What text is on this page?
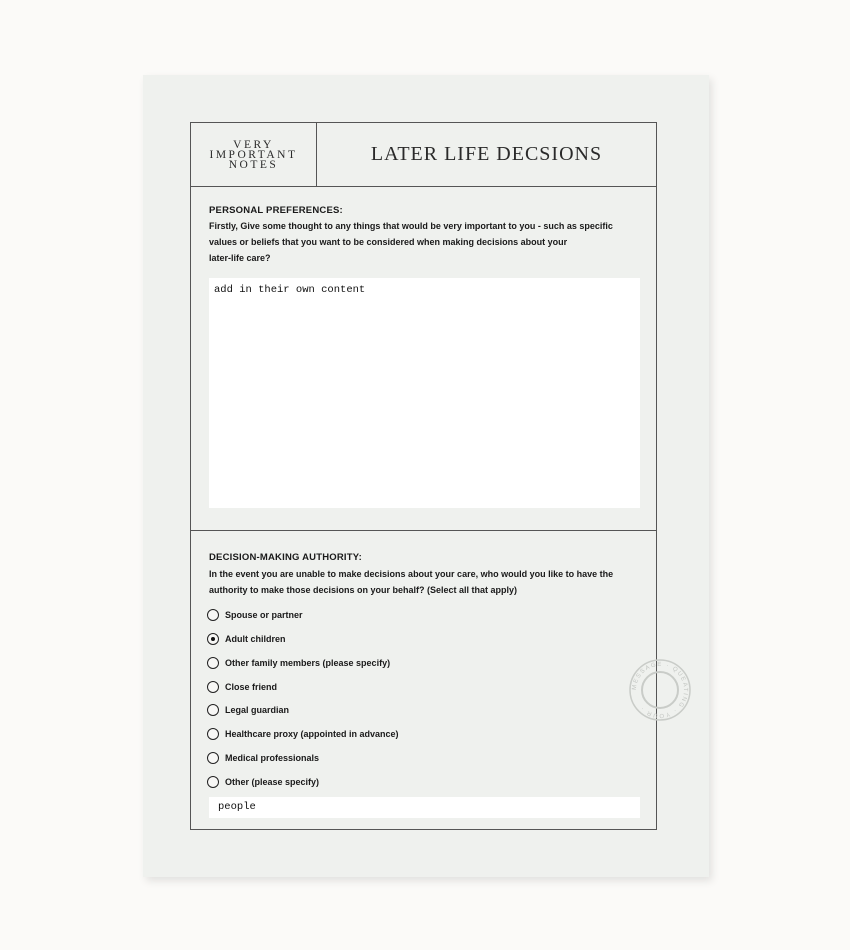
VERY
IMPORTANT
NOTES	LATER LIFE DECSIONS
PERSONAL PREFERENCES:
Firstly, Give some thought to any things that would be very important to you - such as specific
values or beliefs that you want to be considered when making decisions about your
later-life care?
add in their own content
DECISION-MAKING AUTHORITY:
In the event you are unable to make decisions about your care, who would you like to have the
authority to make those decisions on your behalf? (Select all that apply)
Spouse or partner
Adult children
Other family members (please specify)
Close friend
Legal guardian
Healthcare proxy (appointed in advance)
Medical professionals
Other (please specify)
people
MESSAGE · QUEATING · YOUR ·
